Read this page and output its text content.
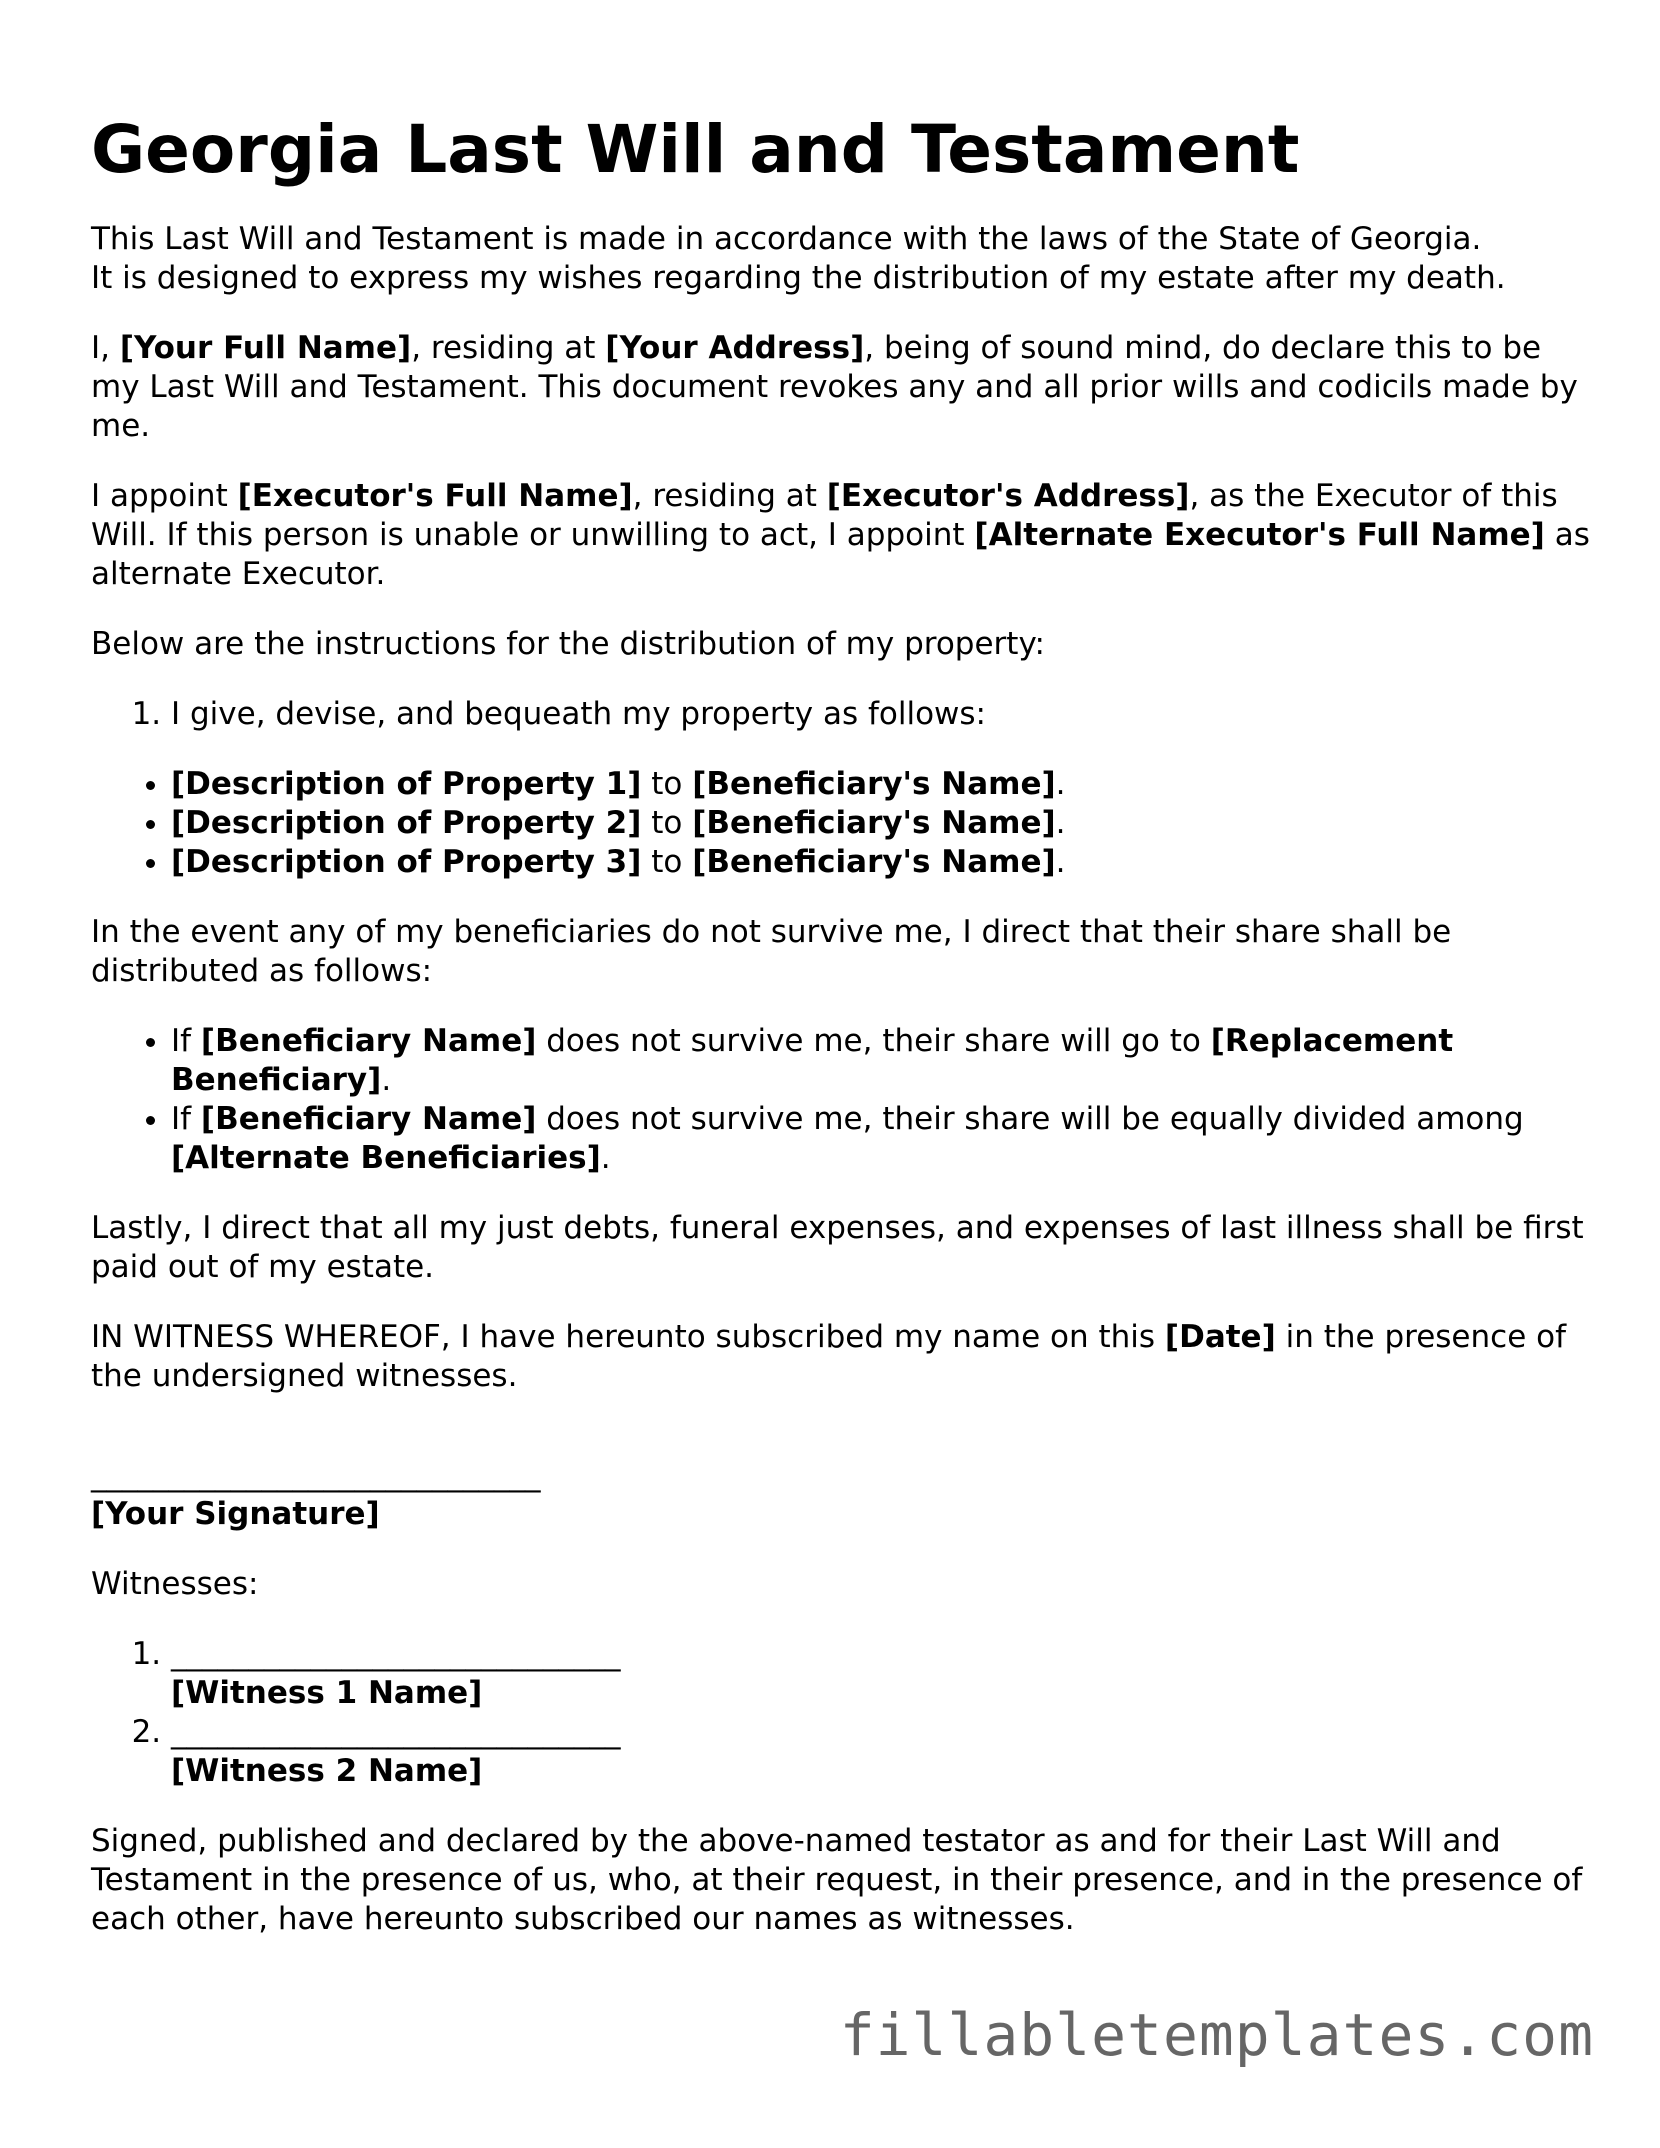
Georgia Last Will and Testament

This Last Will and Testament is made in accordance with the laws of the State of Georgia.
It is designed to express my wishes regarding the distribution of my estate after my death.

I, [Your Full Name], residing at [Your Address], being of sound mind, do declare this to be my Last Will and Testament. This document revokes any and all prior wills and codicils made by me.

I appoint [Executor's Full Name], residing at [Executor's Address], as the Executor of this Will. If this person is unable or unwilling to act, I appoint [Alternate Executor's Full Name] as alternate Executor.

Below are the instructions for the distribution of my property:

1. I give, devise, and bequeath my property as follows:
• [Description of Property 1] to [Beneficiary's Name].
• [Description of Property 2] to [Beneficiary's Name].
• [Description of Property 3] to [Beneficiary's Name].

In the event any of my beneficiaries do not survive me, I direct that their share shall be distributed as follows:

• If [Beneficiary Name] does not survive me, their share will go to [Replacement Beneficiary].
• If [Beneficiary Name] does not survive me, their share will be equally divided among [Alternate Beneficiaries].

Lastly, I direct that all my just debts, funeral expenses, and expenses of last illness shall be first paid out of my estate.

IN WITNESS WHEREOF, I have hereunto subscribed my name on this [Date] in the presence of the undersigned witnesses.

_____________________________
[Your Signature]

Witnesses:

1. _____________________________
[Witness 1 Name]
2. _____________________________
[Witness 2 Name]

Signed, published and declared by the above-named testator as and for their Last Will and Testament in the presence of us, who, at their request, in their presence, and in the presence of each other, have hereunto subscribed our names as witnesses.

fillabletemplates.com
